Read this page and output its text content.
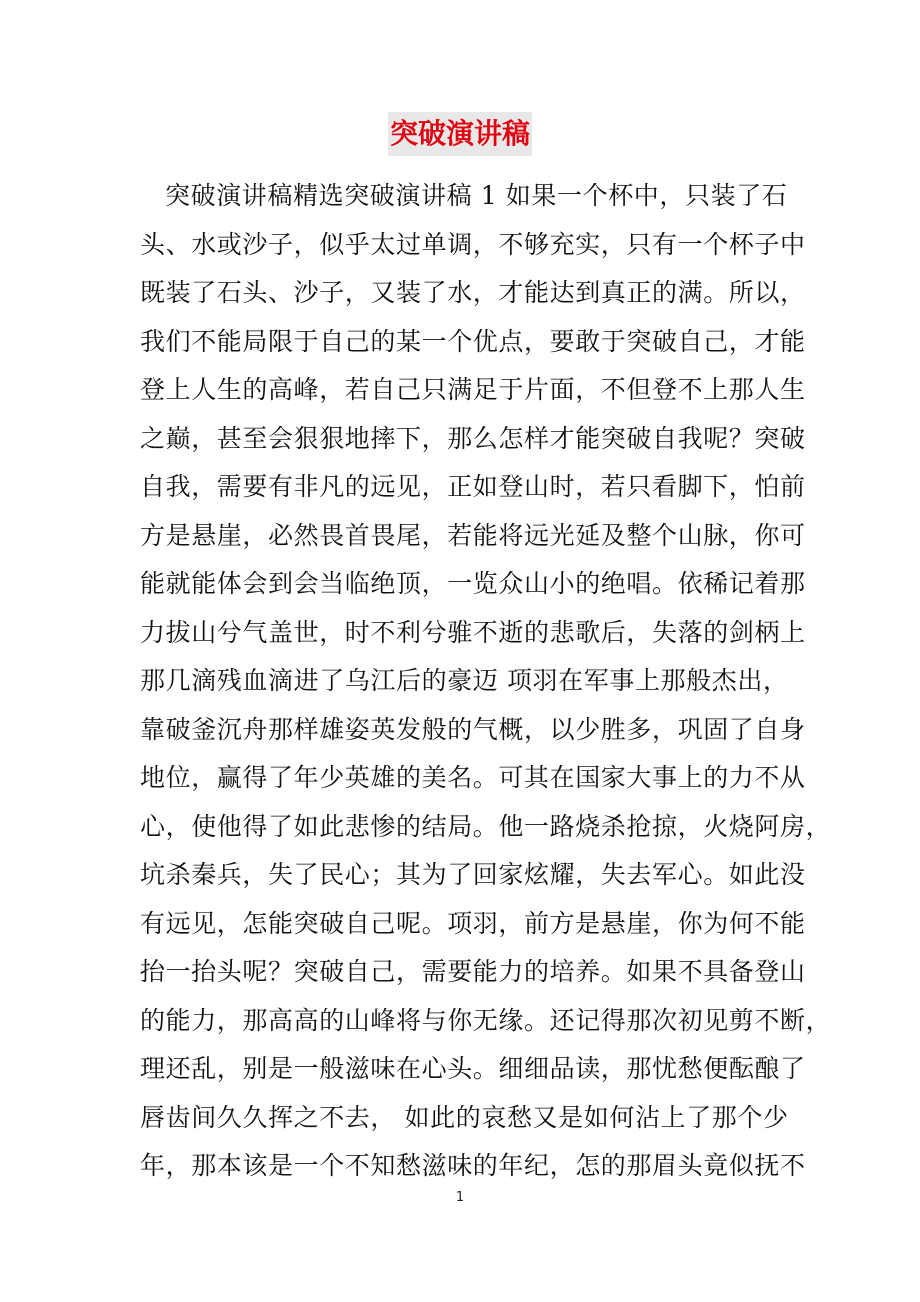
突破演讲稿
突破演讲稿精选突破演讲稿 1 如果一个杯中，只装了石
头、水或沙子，似乎太过单调，不够充实，只有一个杯子中
既装了石头、沙子，又装了水，才能达到真正的满。所以，
我们不能局限于自己的某一个优点，要敢于突破自己，才能
登上人生的高峰，若自己只满足于片面，不但登不上那人生
之巅，甚至会狠狠地摔下，那么怎样才能突破自我呢？突破
自我，需要有非凡的远见，正如登山时，若只看脚下，怕前
方是悬崖，必然畏首畏尾，若能将远光延及整个山脉，你可
能就能体会到会当临绝顶，一览众山小的绝唱。依稀记着那
力拔山兮气盖世，时不利兮骓不逝的悲歌后，失落的剑柄上
那几滴残血滴进了乌江后的豪迈 项羽在军事上那般杰出，
靠破釜沉舟那样雄姿英发般的气概，以少胜多，巩固了自身
地位，赢得了年少英雄的美名。可其在国家大事上的力不从
心，使他得了如此悲惨的结局。他一路烧杀抢掠，火烧阿房，
坑杀秦兵，失了民心；其为了回家炫耀，失去军心。如此没
有远见，怎能突破自己呢。项羽，前方是悬崖，你为何不能
抬一抬头呢？突破自己，需要能力的培养。如果不具备登山
的能力，那高高的山峰将与你无缘。还记得那次初见剪不断，
理还乱，别是一般滋味在心头。细细品读，那忧愁便酝酿了
唇齿间久久挥之不去， 如此的哀愁又是如何沾上了那个少
年，那本该是一个不知愁滋味的年纪，怎的那眉头竟似抚不
1
